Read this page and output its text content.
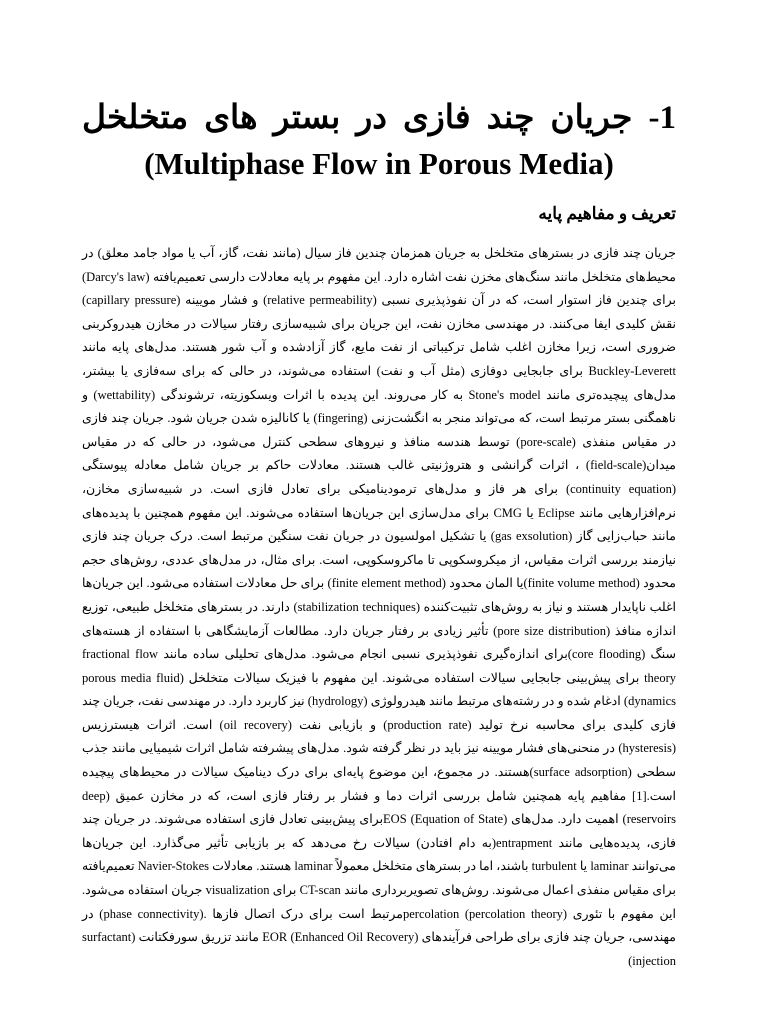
1- جریان چند فازی در بستر های متخلخل
(Multiphase Flow in Porous Media)
تعریف و مفاهیم پایه

جریان چند فازی در بسترهای متخلخل به جریان همزمان چندین فاز سیال (مانند نفت، گاز، آب یا مواد جامد معلق) در محیط‌های متخلخل مانند سنگ‌های مخزن نفت اشاره دارد. این مفهوم بر پایه معادلات دارسی تعمیم‌یافته (Darcy's law) برای چندین فاز استوار است، که در آن نفوذپذیری نسبی (relative permeability) و فشار مویینه (capillary pressure) نقش کلیدی ایفا می‌کنند. در مهندسی مخازن نفت، این جریان برای شبیه‌سازی رفتار سیالات در مخازن هیدروکربنی ضروری است، زیرا مخازن اغلب شامل ترکیباتی از نفت مایع، گاز آزادشده و آب شور هستند. مدل‌های پایه مانند Buckley-Leverett برای جابجایی دوفازی (مثل آب و نفت) استفاده می‌شوند، در حالی که برای سه‌فازی یا بیشتر، مدل‌های پیچیده‌تری مانند Stone's model به کار می‌روند. این پدیده با اثرات ویسکوزیته، ترشوندگی (wettability) و ناهمگنی بستر مرتبط است، که می‌تواند منجر به انگشت‌زنی (fingering) یا کانالیزه شدن جریان شود. جریان چند فازی در مقیاس منفذی (pore-scale) توسط هندسه منافذ و نیروهای سطحی کنترل می‌شود، در حالی که در مقیاس میدان(field-scale) ، اثرات گرانشی و هتروژنیتی غالب هستند. معادلات حاکم بر جریان شامل معادله پیوستگی (continuity equation) برای هر فاز و مدل‌های ترمودینامیکی برای تعادل فازی است. در شبیه‌سازی مخازن، نرم‌افزارهایی مانند Eclipse یا CMG برای مدل‌سازی این جریان‌ها استفاده می‌شوند. این مفهوم همچنین با پدیده‌های مانند حباب‌زایی گاز (gas exsolution) یا تشکیل امولسیون در جریان نفت سنگین مرتبط است. درک جریان چند فازی نیازمند بررسی اثرات مقیاس، از میکروسکوپی تا ماکروسکوپی، است. برای مثال، در مدل‌های عددی، روش‌های حجم محدود (finite volume method)یا المان محدود (finite element method) برای حل معادلات استفاده می‌شود. این جریان‌ها اغلب ناپایدار هستند و نیاز به روش‌های تثبیت‌کننده (stabilization techniques) دارند. در بسترهای متخلخل طبیعی، توزیع اندازه منافذ (pore size distribution) تأثیر زیادی بر رفتار جریان دارد. مطالعات آزمایشگاهی با استفاده از هسته‌های سنگ (core flooding)برای اندازه‌گیری نفوذپذیری نسبی انجام می‌شود. مدل‌های تحلیلی ساده مانند fractional flow theory برای پیش‌بینی جابجایی سیالات استفاده می‌شوند. این مفهوم با فیزیک سیالات متخلخل (porous media fluid dynamics) ادغام شده و در رشته‌های مرتبط مانند هیدرولوژی (hydrology) نیز کاربرد دارد. در مهندسی نفت، جریان چند فازی کلیدی برای محاسبه نرخ تولید (production rate) و بازیابی نفت (oil recovery) است. اثرات هیسترزیس (hysteresis) در منحنی‌های فشار مویینه نیز باید در نظر گرفته شود. مدل‌های پیشرفته شامل اثرات شیمیایی مانند جذب سطحی (surface adsorption)هستند. در مجموع، این موضوع پایه‌ای برای درک دینامیک سیالات در محیط‌های پیچیده است.[1] مفاهیم پایه همچنین شامل بررسی اثرات دما و فشار بر رفتار فازی است، که در مخازن عمیق (deep reservoirs) اهمیت دارد. مدل‌های EOS (Equation of State)برای پیش‌بینی تعادل فازی استفاده می‌شوند. در جریان چند فازی، پدیده‌هایی مانند entrapment(به دام افتادن) سیالات رخ می‌دهد که بر بازیابی تأثیر می‌گذارد. این جریان‌ها می‌توانند laminar یا turbulent باشند، اما در بسترهای متخلخل معمولاً laminar هستند. معادلات Navier-Stokes تعمیم‌یافته برای مقیاس منفذی اعمال می‌شوند. روش‌های تصویربرداری مانند CT-scan برای visualization جریان استفاده می‌شود. این مفهوم با تئوری percolation (percolation theory)مرتبط است برای درک اتصال فازها .(phase connectivity) در مهندسی، جریان چند فازی برای طراحی فرآیندهای EOR (Enhanced Oil Recovery) مانند تزریق سورفکتانت (surfactant injection)
